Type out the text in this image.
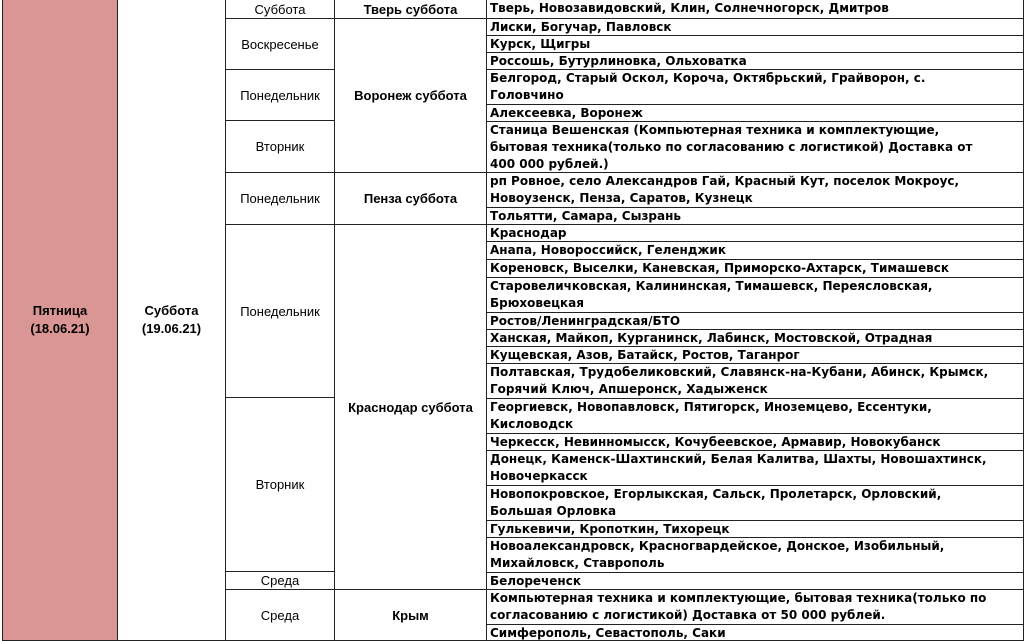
Пятница
(18.06.21)
Суббота
(19.06.21)
Суббота
Воскресенье
Понедельник
Вторник
Понедельник
Понедельник
Вторник
Среда
Среда
Тверь суббота
Воронеж суббота
Пенза суббота
Краснодар суббота
Крым
Тверь, Новозавидовский, Клин, Солнечногорск, Дмитров
Лиски, Богучар, Павловск
Курск, Щигры
Россошь, Бутурлиновка, Ольховатка
Белгород, Старый Оскол, Короча, Октябрьский, Грайворон, с.
Головчино
Алексеевка, Воронеж
Станица Вешенская (Компьютерная техника и комплектующие,
бытовая техника(только по согласованию с логистикой) Доставка от
400 000 рублей.)
рп Ровное, село Александров Гай, Красный Кут, поселок Мокроус,
Новоузенск, Пенза, Саратов, Кузнецк
Тольятти, Самара, Сызрань
Краснодар
Анапа, Новороссийск, Геленджик
Кореновск, Выселки, Каневская, Приморско-Ахтарск, Тимашевск
Старовеличковская, Калининская, Тимашевск, Переясловская,
Брюховецкая
Ростов/Ленинградская/БТО
Ханская, Майкоп, Курганинск, Лабинск, Мостовской, Отрадная
Кущевская, Азов, Батайск, Ростов, Таганрог
Полтавская, Трудобеликовский, Славянск-на-Кубани, Абинск, Крымск,
Горячий Ключ, Апшеронск, Хадыженск
Георгиевск, Новопавловск, Пятигорск, Иноземцево, Ессентуки,
Кисловодск
Черкесск, Невинномысск, Кочубеевское, Армавир, Новокубанск
Донецк, Каменск-Шахтинский, Белая Калитва, Шахты, Новошахтинск,
Новочеркасск
Новопокровское, Егорлыкская, Сальск, Пролетарск, Орловский,
Большая Орловка
Гулькевичи, Кропоткин, Тихорецк
Новоалександровск, Красногвардейское, Донское, Изобильный,
Михайловск, Ставрополь
Белореченск
Компьютерная техника и комплектующие, бытовая техника(только по
согласованию с логистикой) Доставка от 50 000 рублей.
Симферополь, Севастополь, Саки
